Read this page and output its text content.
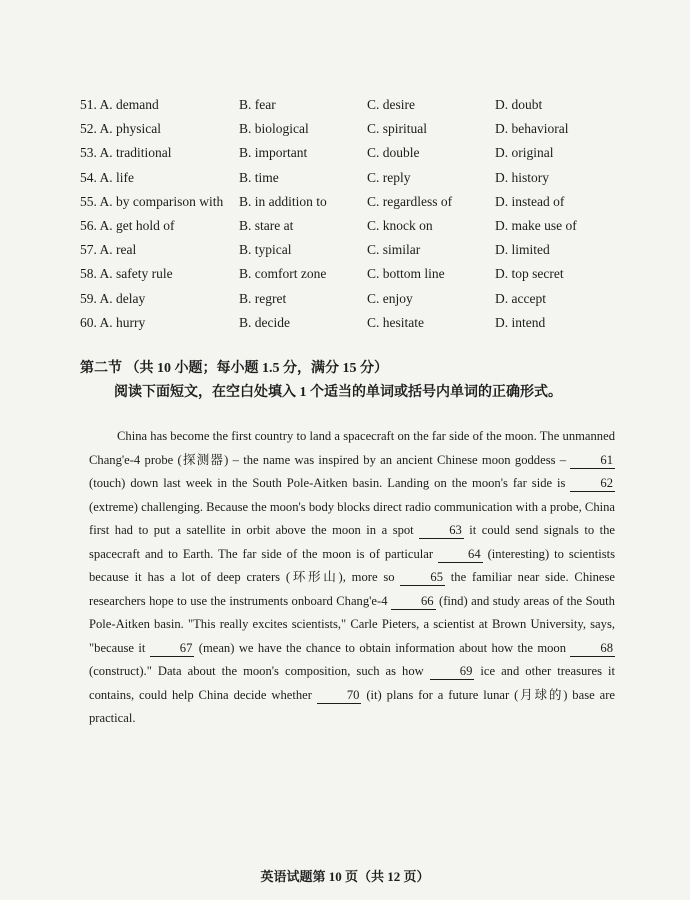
51. A. demand	B. fear	C. desire	D. doubt
52. A. physical	B. biological	C. spiritual	D. behavioral
53. A. traditional	B. important	C. double	D. original
54. A. life	B. time	C. reply	D. history
55. A. by comparison with	B. in addition to	C. regardless of	D. instead of
56. A. get hold of	B. stare at	C. knock on	D. make use of
57. A. real	B. typical	C. similar	D. limited
58. A. safety rule	B. comfort zone	C. bottom line	D. top secret
59. A. delay	B. regret	C. enjoy	D. accept
60. A. hurry	B. decide	C. hesitate	D. intend
第二节 （共 10 小题；每小题 1.5 分，满分 15 分）
阅读下面短文，在空白处填入 1 个适当的单词或括号内单词的正确形式。

China has become the first country to land a spacecraft on the far side of the moon. The unmanned Chang'e-4 probe (探测器) – the name was inspired by an ancient Chinese moon goddess – 61 (touch) down last week in the South Pole-Aitken basin. Landing on the moon's far side is 62 (extreme) challenging. Because the moon's body blocks direct radio communication with a probe, China first had to put a satellite in orbit above the moon in a spot 63 it could send signals to the spacecraft and to Earth. The far side of the moon is of particular 64 (interesting) to scientists because it has a lot of deep craters (环形山), more so 65 the familiar near side. Chinese researchers hope to use the instruments onboard Chang'e-4 66 (find) and study areas of the South Pole-Aitken basin. "This really excites scientists," Carle Pieters, a scientist at Brown University, says, "because it 67 (mean) we have the chance to obtain information about how the moon 68 (construct)." Data about the moon's composition, such as how 69 ice and other treasures it contains, could help China decide whether 70 (it) plans for a future lunar (月球的) base are practical.

英语试题第 10 页（共 12 页）
